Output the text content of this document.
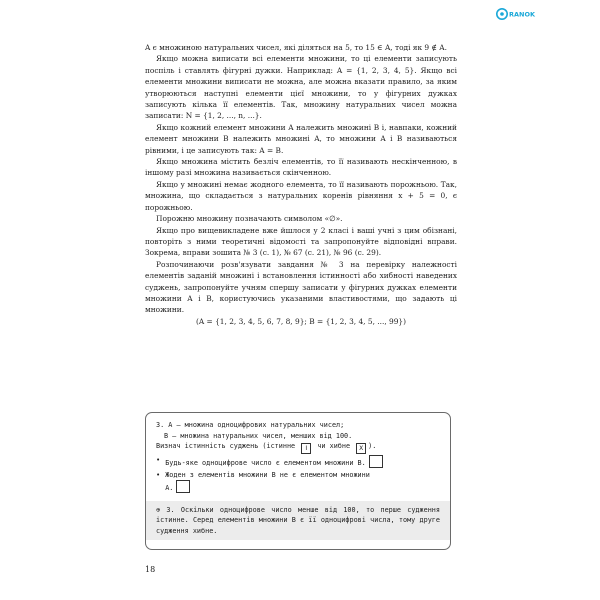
RANOK

A є множиною натуральних чисел, які діляться на 5, то 15 ∈ A, тоді як 9 ∉ A.

Якщо можна виписати всі елементи множини, то ці елементи записують поспіль і ставлять фігурні дужки. Наприклад: A = {1, 2, 3, 4, 5}. Якщо всі елементи множини виписати не можна, але можна вказати правило, за яким утворюються наступні елементи цієї множини, то у фігурних дужках записують кілька її елементів. Так, множину натуральних чисел можна записати: N = {1, 2, ..., n, ...}.

Якщо кожний елемент множини A належить множині B і, навпаки, кожний елемент множини B належить множині A, то множини A і B називаються рівними, і це записують так: A = B.

Якщо множина містить безліч елементів, то її називають нескінченною, в іншому разі множина називається скінченною.

Якщо у множині немає жодного елемента, то її називають порожньою. Так, множина, що складається з натуральних коренів рівняння x + 5 = 0, є порожньою.

Порожню множину позначають символом «∅».

Якщо про вищевикладене вже йшлося у 2 класі і ваші учні з цим обізнані, повторіть з ними теоретичні відомості та запропонуйте відповідні вправи. Зокрема, вправи зошита № 3 (с. 1), № 67 (с. 21), № 96 (с. 29).

Розпочинаючи розв'язувати завдання № 3 на перевірку належності елементів заданій множині і встановлення істинності або хибності наведених суджень, запропонуйте учням спершу записати у фігурних дужках елементи множини A і B, користуючись указаними властивостями, що задають ці множини.

(A = {1, 2, 3, 4, 5, 6, 7, 8, 9}; B = {1, 2, 3, 4, 5, ..., 99})

3. A — множина одноцифрових натуральних чисел;
B — множина натуральних чисел, менших від 100.
Визнач істинність суджень (істинне I чи хибне X ).
• Будь-яке одноцифрове число є елементом множини B.
• Жоден з елементів множини B не є елементом множини
A.
⊕ 3. Оскільки одноцифрове число менше від 100, то перше судження істинне. Серед елементів множини B є її одноцифрові числа, тому друге судження хибне.
18
